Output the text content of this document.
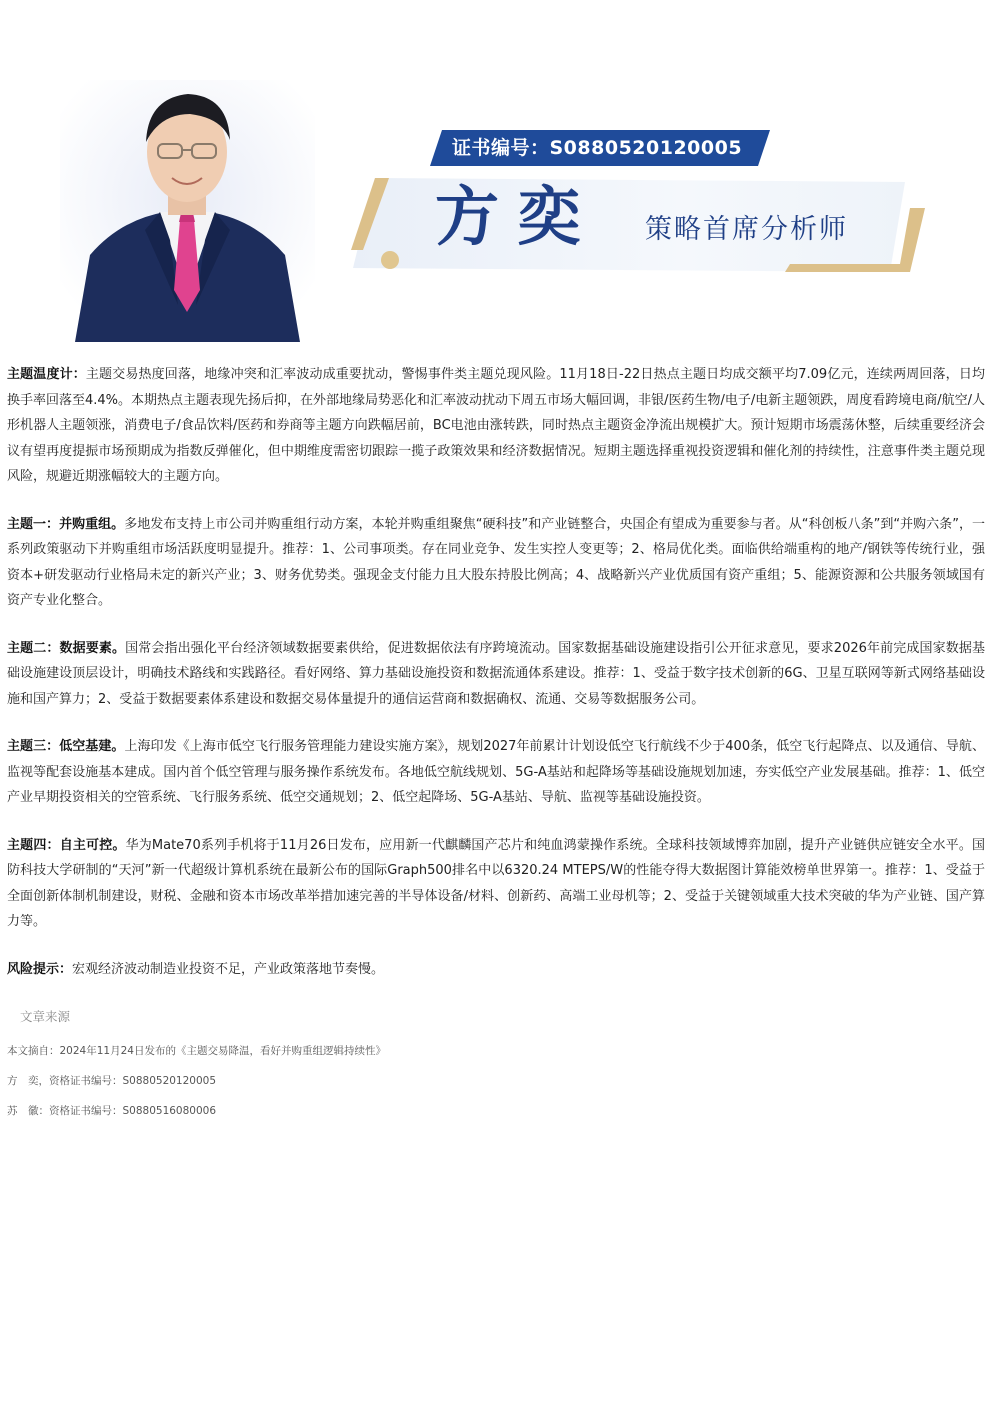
证书编号：S0880520120005
方奕 策略首席分析师

主题温度计：主题交易热度回落，地缘冲突和汇率波动成重要扰动，警惕事件类主题兑现风险。11月18日-22日热点主题日均成交额平均7.09亿元，连续两周回落，日均换手率回落至4.4%。本期热点主题表现先扬后抑，在外部地缘局势恶化和汇率波动扰动下周五市场大幅回调，非银/医药生物/电子/电新主题领跌，周度看跨境电商/航空/人形机器人主题领涨，消费电子/食品饮料/医药和券商等主题方向跌幅居前，BC电池由涨转跌，同时热点主题资金净流出规模扩大。预计短期市场震荡休整，后续重要经济会议有望再度提振市场预期成为指数反弹催化，但中期维度需密切跟踪一揽子政策效果和经济数据情况。短期主题选择重视投资逻辑和催化剂的持续性，注意事件类主题兑现风险，规避近期涨幅较大的主题方向。

主题一：并购重组。多地发布支持上市公司并购重组行动方案，本轮并购重组聚焦“硬科技”和产业链整合，央国企有望成为重要参与者。从“科创板八条”到“并购六条”，一系列政策驱动下并购重组市场活跃度明显提升。推荐：1、公司事项类。存在同业竞争、发生实控人变更等；2、格局优化类。面临供给端重构的地产/钢铁等传统行业，强资本+研发驱动行业格局未定的新兴产业；3、财务优势类。强现金支付能力且大股东持股比例高；4、战略新兴产业优质国有资产重组；5、能源资源和公共服务领域国有资产专业化整合。

主题二：数据要素。国常会指出强化平台经济领域数据要素供给，促进数据依法有序跨境流动。国家数据基础设施建设指引公开征求意见，要求2026年前完成国家数据基础设施建设顶层设计，明确技术路线和实践路径。看好网络、算力基础设施投资和数据流通体系建设。推荐：1、受益于数字技术创新的6G、卫星互联网等新式网络基础设施和国产算力；2、受益于数据要素体系建设和数据交易体量提升的通信运营商和数据确权、流通、交易等数据服务公司。

主题三：低空基建。上海印发《上海市低空飞行服务管理能力建设实施方案》，规划2027年前累计计划设低空飞行航线不少于400条，低空飞行起降点、以及通信、导航、监视等配套设施基本建成。国内首个低空管理与服务操作系统发布。各地低空航线规划、5G-A基站和起降场等基础设施规划加速，夯实低空产业发展基础。推荐：1、低空产业早期投资相关的空管系统、飞行服务系统、低空交通规划；2、低空起降场、5G-A基站、导航、监视等基础设施投资。

主题四：自主可控。华为Mate70系列手机将于11月26日发布，应用新一代麒麟国产芯片和纯血鸿蒙操作系统。全球科技领域博弈加剧，提升产业链供应链安全水平。国防科技大学研制的“天河”新一代超级计算机系统在最新公布的国际Graph500排名中以6320.24 MTEPS/W的性能夺得大数据图计算能效榜单世界第一。推荐：1、受益于全面创新体制机制建设，财税、金融和资本市场改革举措加速完善的半导体设备/材料、创新药、高端工业母机等；2、受益于关键领域重大技术突破的华为产业链、国产算力等。

风险提示：宏观经济波动制造业投资不足，产业政策落地节奏慢。

文章来源
本文摘自：2024年11月24日发布的《主题交易降温，看好并购重组逻辑持续性》
方　奕，资格证书编号：S0880520120005
苏　徽：资格证书编号：S0880516080006
